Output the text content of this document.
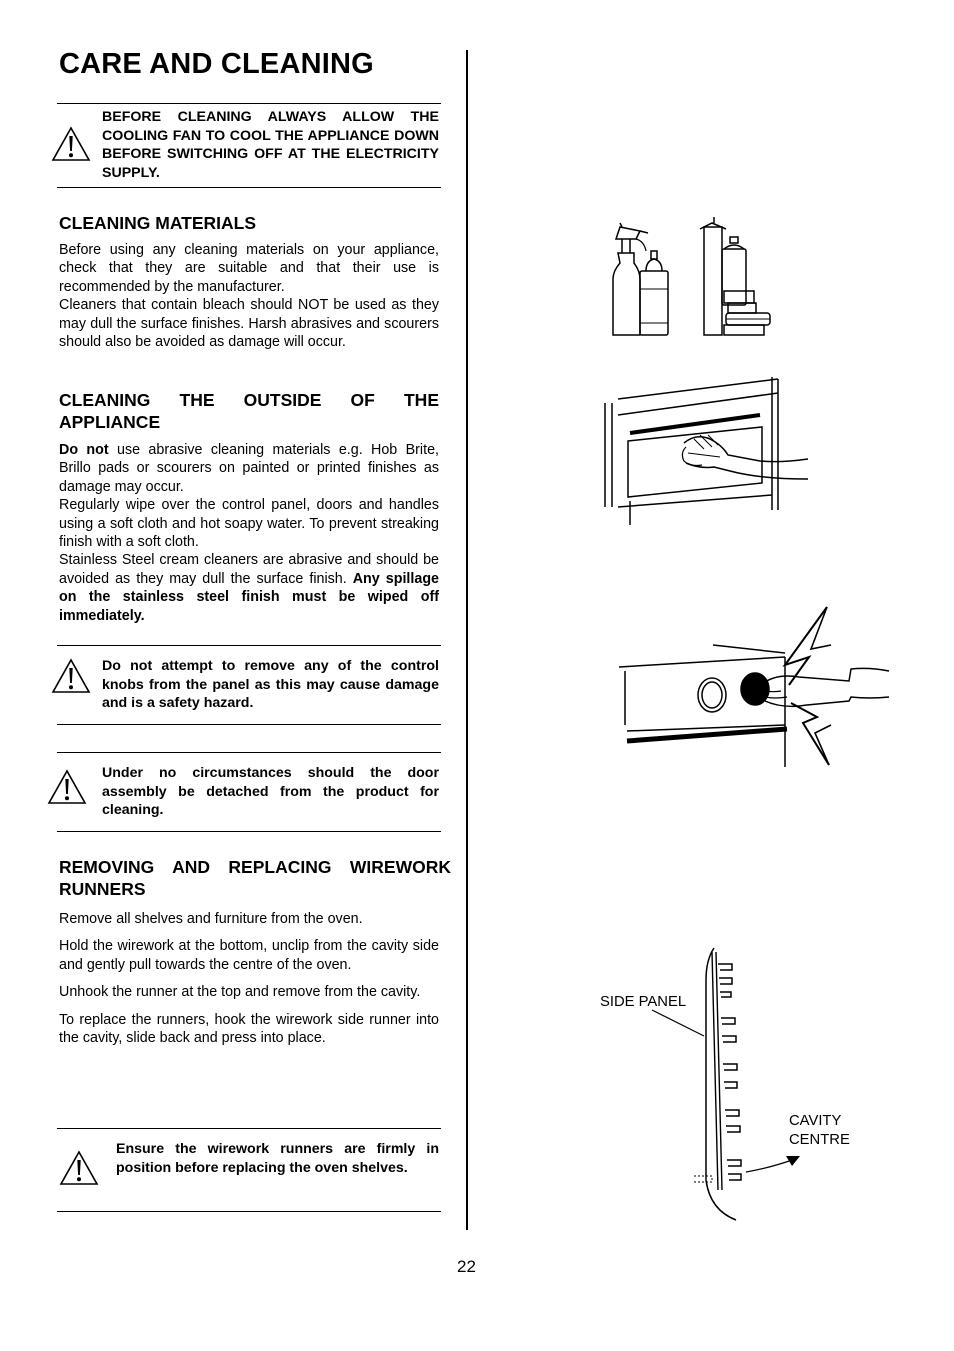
CARE AND CLEANING
BEFORE CLEANING ALWAYS ALLOW THE COOLING FAN TO COOL THE APPLIANCE DOWN BEFORE SWITCHING OFF AT THE ELECTRICITY SUPPLY.
CLEANING MATERIALS

Before using any cleaning materials on your appliance, check that they are suitable and that their use is recommended by the manufacturer.

Cleaners that contain bleach should NOT be used as they may dull the surface finishes. Harsh abrasives and scourers should also be avoided as damage will occur.

CLEANING THE OUTSIDE OF THE APPLIANCE

Do not use abrasive cleaning materials e.g. Hob Brite, Brillo pads or scourers on painted or printed finishes as damage may occur.

Regularly wipe over the control panel, doors and handles using a soft cloth and hot soapy water. To prevent streaking finish with a soft cloth.

Stainless Steel cream cleaners are abrasive and should be avoided as they may dull the surface finish. Any spillage on the stainless steel finish must be wiped off immediately.

Do not attempt to remove any of the control knobs from the panel as this may cause damage and is a safety hazard.
Under no circumstances should the door assembly be detached from the product for cleaning.
REMOVING AND REPLACING WIREWORK RUNNERS

Remove all shelves and furniture from the oven.

Hold the wirework at the bottom, unclip from the cavity side and gently pull towards the centre of the oven.

Unhook the runner at the top and remove from the cavity.

To replace the runners, hook the wirework side runner into the cavity, slide back and press into place.

Ensure the wirework runners are firmly in position before replacing the oven shelves.
SIDE PANEL
CAVITY
CENTRE
22
